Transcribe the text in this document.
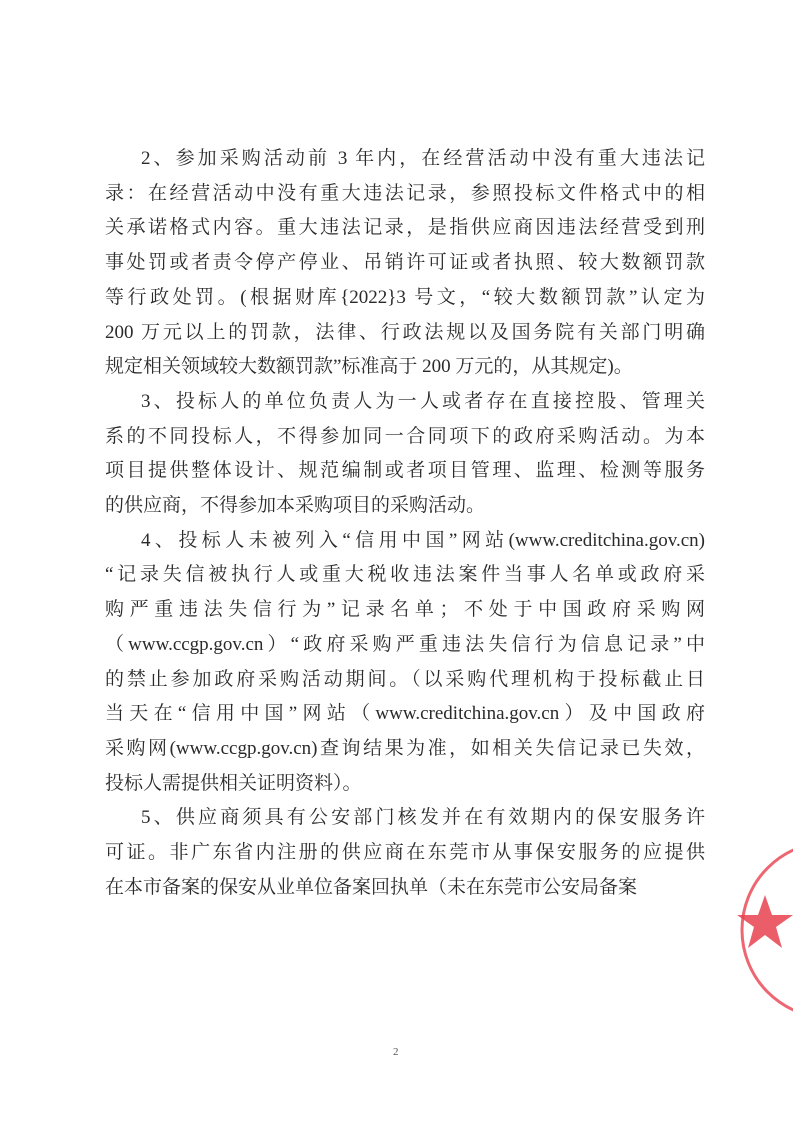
2、参加采购活动前 3 年内，在经营活动中没有重大违法记
录：在经营活动中没有重大违法记录，参照投标文件格式中的相
关承诺格式内容。重大违法记录，是指供应商因违法经营受到刑
事处罚或者责令停产停业、吊销许可证或者执照、较大数额罚款
等行政处罚。(根据财库{2022}3 号文，“较大数额罚款”认定为
200 万元以上的罚款，法律、行政法规以及国务院有关部门明确
规定相关领域较大数额罚款”标准高于 200 万元的，从其规定)。
3、投标人的单位负责人为一人或者存在直接控股、管理关
系的不同投标人，不得参加同一合同项下的政府采购活动。为本
项目提供整体设计、规范编制或者项目管理、监理、检测等服务
的供应商，不得参加本采购项目的采购活动。
4、投标人未被列入“信用中国”网站(www.creditchina.gov.cn)
“记录失信被执行人或重大税收违法案件当事人名单或政府采
购严重违法失信行为”记录名单；不处于中国政府采购网
（www.ccgp.gov.cn）“政府采购严重违法失信行为信息记录”中
的禁止参加政府采购活动期间。（以采购代理机构于投标截止日
当天在“信用中国”网站（www.creditchina.gov.cn）及中国政府
采购网(www.ccgp.gov.cn)查询结果为准，如相关失信记录已失效，
投标人需提供相关证明资料）。
5、供应商须具有公安部门核发并在有效期内的保安服务许
可证。非广东省内注册的供应商在东莞市从事保安服务的应提供
在本市备案的保安从业单位备案回执单（未在东莞市公安局备案
2
